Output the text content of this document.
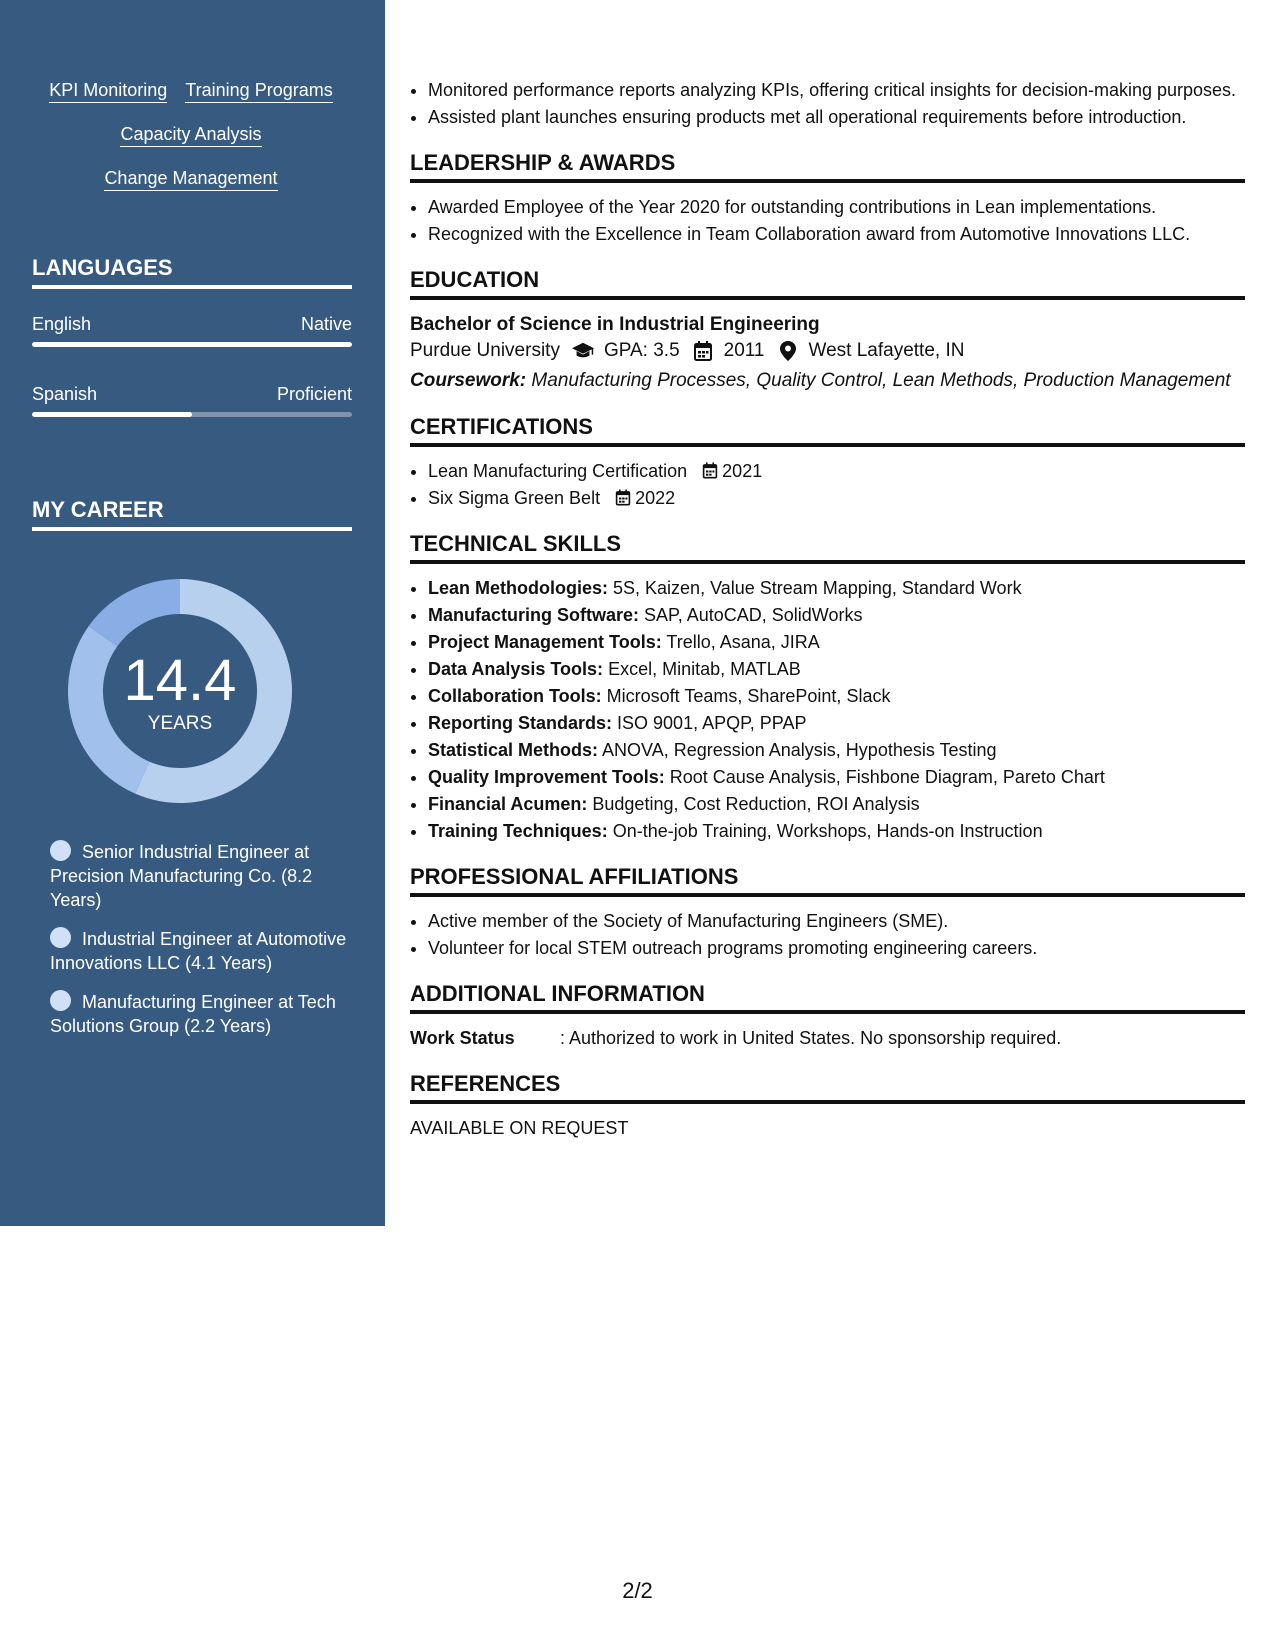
KPI Monitoring Training Programs
Capacity Analysis
Change Management
LANGUAGES
English	Native
Spanish	Proficient
MY CAREER
14.4
YEARS
Senior Industrial Engineer at Precision Manufacturing Co. (8.2 Years)
Industrial Engineer at Automotive Innovations LLC (4.1 Years)
Manufacturing Engineer at Tech Solutions Group (2.2 Years)
• Monitored performance reports analyzing KPIs, offering critical insights for decision-making purposes.
• Assisted plant launches ensuring products met all operational requirements before introduction.
LEADERSHIP & AWARDS
• Awarded Employee of the Year 2020 for outstanding contributions in Lean implementations.
• Recognized with the Excellence in Team Collaboration award from Automotive Innovations LLC.
EDUCATION
Bachelor of Science in Industrial Engineering
Purdue University GPA: 3.5 2011 West Lafayette, IN
Coursework: Manufacturing Processes, Quality Control, Lean Methods, Production Management
CERTIFICATIONS
• Lean Manufacturing Certification 2021
• Six Sigma Green Belt 2022
TECHNICAL SKILLS
• Lean Methodologies: 5S, Kaizen, Value Stream Mapping, Standard Work
• Manufacturing Software: SAP, AutoCAD, SolidWorks
• Project Management Tools: Trello, Asana, JIRA
• Data Analysis Tools: Excel, Minitab, MATLAB
• Collaboration Tools: Microsoft Teams, SharePoint, Slack
• Reporting Standards: ISO 9001, APQP, PPAP
• Statistical Methods: ANOVA, Regression Analysis, Hypothesis Testing
• Quality Improvement Tools: Root Cause Analysis, Fishbone Diagram, Pareto Chart
• Financial Acumen: Budgeting, Cost Reduction, ROI Analysis
• Training Techniques: On-the-job Training, Workshops, Hands-on Instruction
PROFESSIONAL AFFILIATIONS
• Active member of the Society of Manufacturing Engineers (SME).
• Volunteer for local STEM outreach programs promoting engineering careers.
ADDITIONAL INFORMATION
Work Status	: Authorized to work in United States. No sponsorship required.
REFERENCES
AVAILABLE ON REQUEST
2/2
